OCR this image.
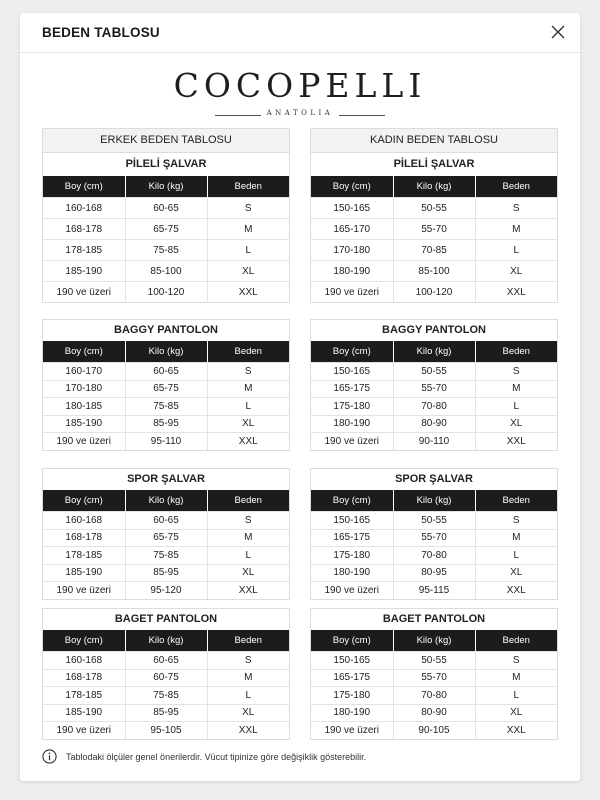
BEDEN TABLOSU
COCOPELLI
ANATOLIA
ERKEK BEDEN TABLOSU
PİLELİ ŞALVAR
Boy (cm)	Kilo (kg)	Beden
160-168	60-65	S
168-178	65-75	M
178-185	75-85	L
185-190	85-100	XL
190 ve üzeri	100-120	XXL
KADIN BEDEN TABLOSU
PİLELİ ŞALVAR
Boy (cm)	Kilo (kg)	Beden
150-165	50-55	S
165-170	55-70	M
170-180	70-85	L
180-190	85-100	XL
190 ve üzeri	100-120	XXL
BAGGY PANTOLON
Boy (cm)	Kilo (kg)	Beden
160-170	60-65	S
170-180	65-75	M
180-185	75-85	L
185-190	85-95	XL
190 ve üzeri	95-110	XXL
BAGGY PANTOLON
Boy (cm)	Kilo (kg)	Beden
150-165	50-55	S
165-175	55-70	M
175-180	70-80	L
180-190	80-90	XL
190 ve üzeri	90-110	XXL
SPOR ŞALVAR
Boy (cm)	Kilo (kg)	Beden
160-168	60-65	S
168-178	65-75	M
178-185	75-85	L
185-190	85-95	XL
190 ve üzeri	95-120	XXL
SPOR ŞALVAR
Boy (cm)	Kilo (kg)	Beden
150-165	50-55	S
165-175	55-70	M
175-180	70-80	L
180-190	80-95	XL
190 ve üzeri	95-115	XXL
BAGET PANTOLON
Boy (cm)	Kilo (kg)	Beden
160-168	60-65	S
168-178	60-75	M
178-185	75-85	L
185-190	85-95	XL
190 ve üzeri	95-105	XXL
BAGET PANTOLON
Boy (cm)	Kilo (kg)	Beden
150-165	50-55	S
165-175	55-70	M
175-180	70-80	L
180-190	80-90	XL
190 ve üzeri	90-105	XXL
Tablodaki ölçüler genel önerilerdir. Vücut tipinize göre değişiklik gösterebilir.
